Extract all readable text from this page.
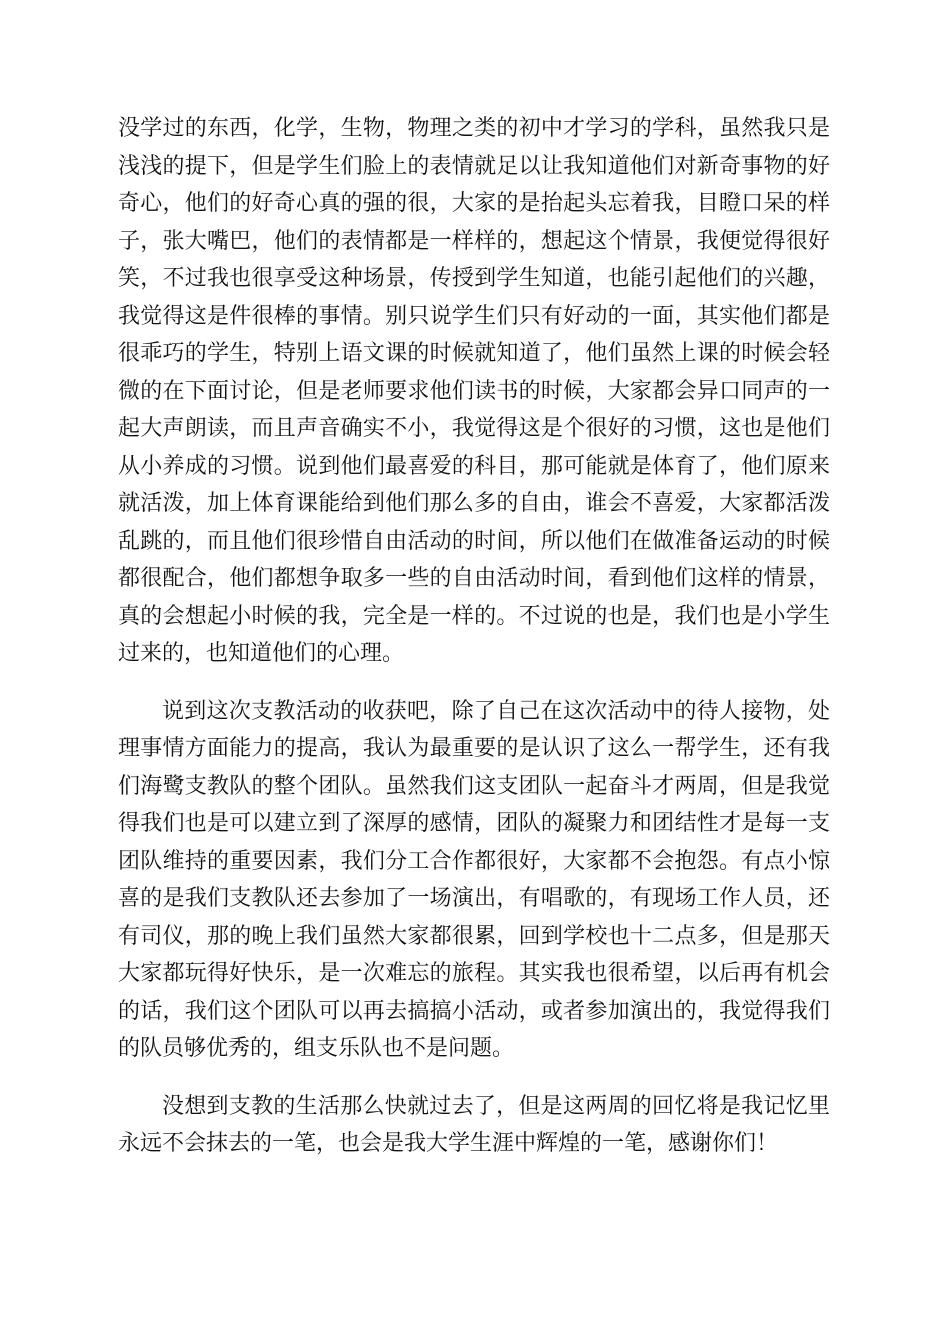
没学过的东西，化学，生物，物理之类的初中才学习的学科，虽然我只是浅浅的提下，但是学生们脸上的表情就足以让我知道他们对新奇事物的好奇心，他们的好奇心真的强的很，大家的是抬起头忘着我，目瞪口呆的样子，张大嘴巴，他们的表情都是一样样的，想起这个情景，我便觉得很好笑，不过我也很享受这种场景，传授到学生知道，也能引起他们的兴趣，我觉得这是件很棒的事情。别只说学生们只有好动的一面，其实他们都是很乖巧的学生，特别上语文课的时候就知道了，他们虽然上课的时候会轻微的在下面讨论，但是老师要求他们读书的时候，大家都会异口同声的一起大声朗读，而且声音确实不小，我觉得这是个很好的习惯，这也是他们从小养成的习惯。说到他们最喜爱的科目，那可能就是体育了，他们原来就活泼，加上体育课能给到他们那么多的自由，谁会不喜爱，大家都活泼乱跳的，而且他们很珍惜自由活动的时间，所以他们在做准备运动的时候都很配合，他们都想争取多一些的自由活动时间，看到他们这样的情景，真的会想起小时候的我，完全是一样的。不过说的也是，我们也是小学生过来的，也知道他们的心理。

说到这次支教活动的收获吧，除了自己在这次活动中的待人接物，处理事情方面能力的提高，我认为最重要的是认识了这么一帮学生，还有我们海鹭支教队的整个团队。虽然我们这支团队一起奋斗才两周，但是我觉得我们也是可以建立到了深厚的感情，团队的凝聚力和团结性才是每一支团队维持的重要因素，我们分工合作都很好，大家都不会抱怨。有点小惊喜的是我们支教队还去参加了一场演出，有唱歌的，有现场工作人员，还有司仪，那的晚上我们虽然大家都很累，回到学校也十二点多，但是那天大家都玩得好快乐，是一次难忘的旅程。其实我也很希望，以后再有机会的话，我们这个团队可以再去搞搞小活动，或者参加演出的，我觉得我们的队员够优秀的，组支乐队也不是问题。

没想到支教的生活那么快就过去了，但是这两周的回忆将是我记忆里永远不会抹去的一笔，也会是我大学生涯中辉煌的一笔，感谢你们！
